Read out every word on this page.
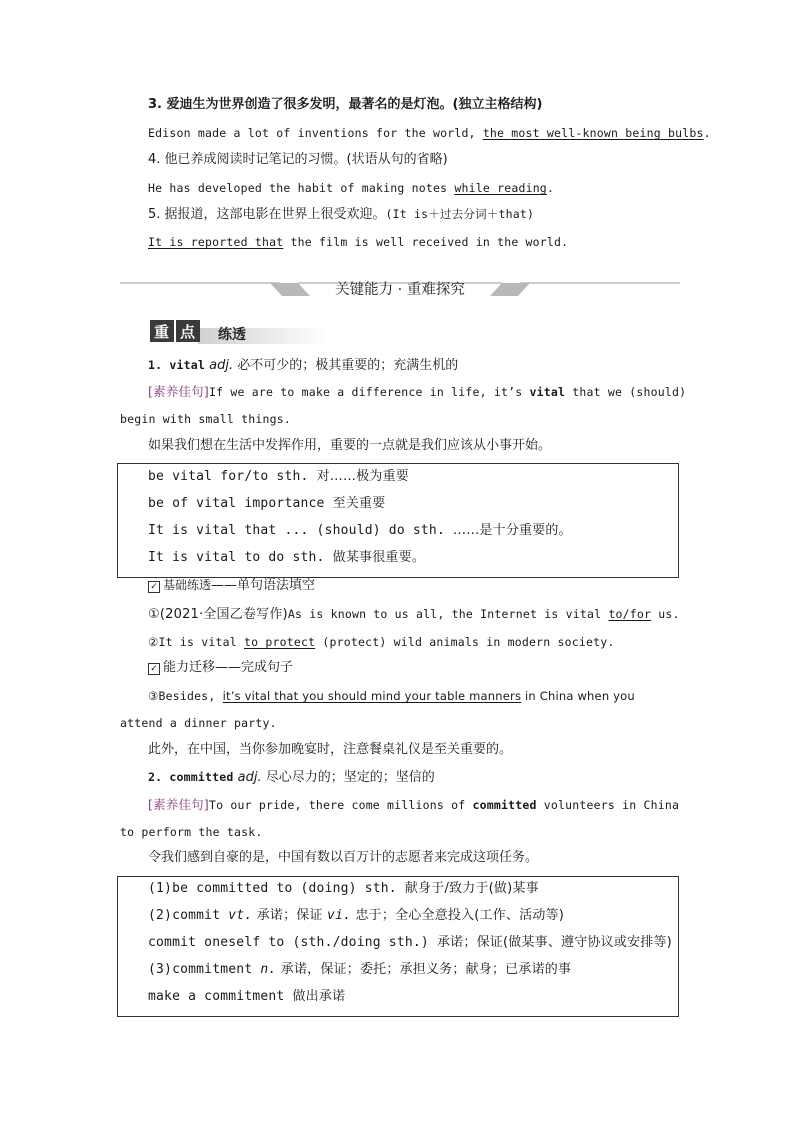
3. 爱迪生为世界创造了很多发明，最著名的是灯泡。(独立主格结构)
Edison made a lot of inventions for the world, the most well-known being bulbs.
4. 他已养成阅读时记笔记的习惯。(状语从句的省略)
He has developed the habit of making notes while reading.
5. 据报道，这部电影在世界上很受欢迎。(It is＋过去分词＋that)
It is reported that the film is well received in the world.
关键能力 · 重难探究
重 点 练透
1. vital adj. 必不可少的；极其重要的；充满生机的
[素养佳句]If we are to make a difference in life, it’s vital that we (should)
begin with small things.
如果我们想在生活中发挥作用，重要的一点就是我们应该从小事开始。
be vital for/to sth. 对……极为重要
be of vital importance 至关重要
It is vital that ... (should) do sth. ……是十分重要的。
It is vital to do sth. 做某事很重要。
✓ 基础练透——单句语法填空
①(2021·全国乙卷写作)As is known to us all, the Internet is vital to/for us.
②It is vital to protect (protect) wild animals in modern society.
✓ 能力迁移——完成句子
③Besides, it’s vital that you should mind your table manners in China when you
attend a dinner party.
此外，在中国，当你参加晚宴时，注意餐桌礼仪是至关重要的。
2. committed adj. 尽心尽力的；坚定的；坚信的
[素养佳句]To our pride, there come millions of committed volunteers in China
to perform the task.
令我们感到自豪的是，中国有数以百万计的志愿者来完成这项任务。
(1)be committed to (doing) sth. 献身于/致力于(做)某事
(2)commit vt. 承诺；保证 vi. 忠于；全心全意投入(工作、活动等)
commit oneself to (sth./doing sth.) 承诺；保证(做某事、遵守协议或安排等)
(3)commitment n. 承诺，保证；委托；承担义务；献身；已承诺的事
make a commitment 做出承诺
